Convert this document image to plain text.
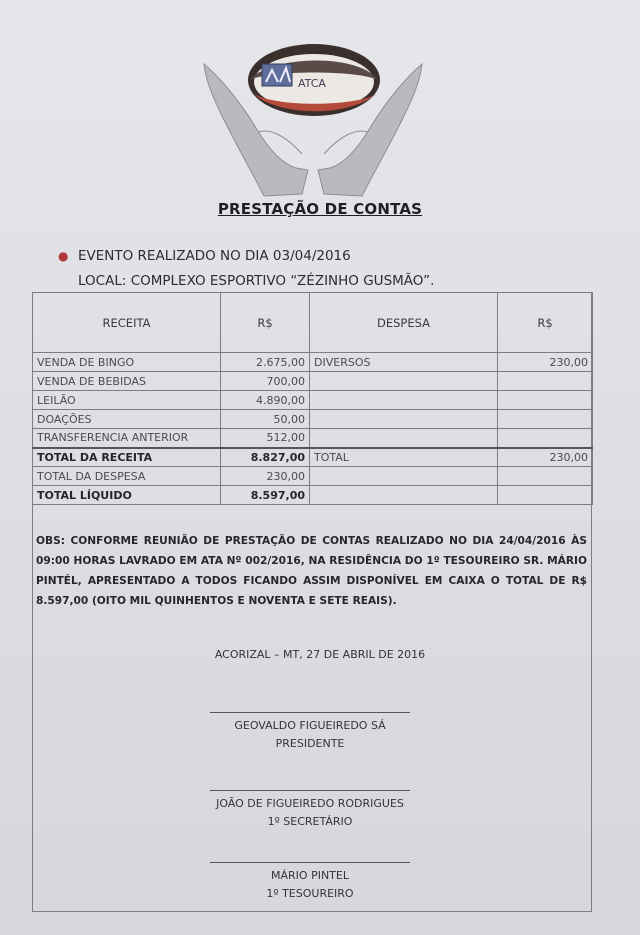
ATCA
PRESTAÇÃO DE CONTAS
● EVENTO REALIZADO NO DIA 03/04/2016
LOCAL: COMPLEXO ESPORTIVO “ZÉZINHO GUSMÃO”.
RECEITA	R$	DESPESA	R$
VENDA DE BINGO	2.675,00	DIVERSOS	230,00
VENDA DE BEBIDAS	700,00		
LEILÃO	4.890,00		
DOAÇÕES	50,00		
TRANSFERENCIA ANTERIOR	512,00		
TOTAL DA RECEITA	8.827,00	TOTAL	230,00
TOTAL DA DESPESA	230,00		
TOTAL LÍQUIDO	8.597,00		
OBS: CONFORME REUNIÃO DE PRESTAÇÃO DE CONTAS REALIZADO NO DIA 24/04/2016 ÀS 09:00 HORAS LAVRADO EM ATA Nº 002/2016, NA RESIDÊNCIA DO 1º TESOUREIRO SR. MÁRIO PINTÉL, APRESENTADO A TODOS FICANDO ASSIM DISPONÍVEL EM CAIXA O TOTAL DE R$ 8.597,00 (OITO MIL QUINHENTOS E NOVENTA E SETE REAIS).
ACORIZAL – MT, 27 DE ABRIL DE 2016
GEOVALDO FIGUEIREDO SÁ
PRESIDENTE
JOÃO DE FIGUEIREDO RODRIGUES
1º SECRETÁRIO
MÁRIO PINTEL
1º TESOUREIRO
